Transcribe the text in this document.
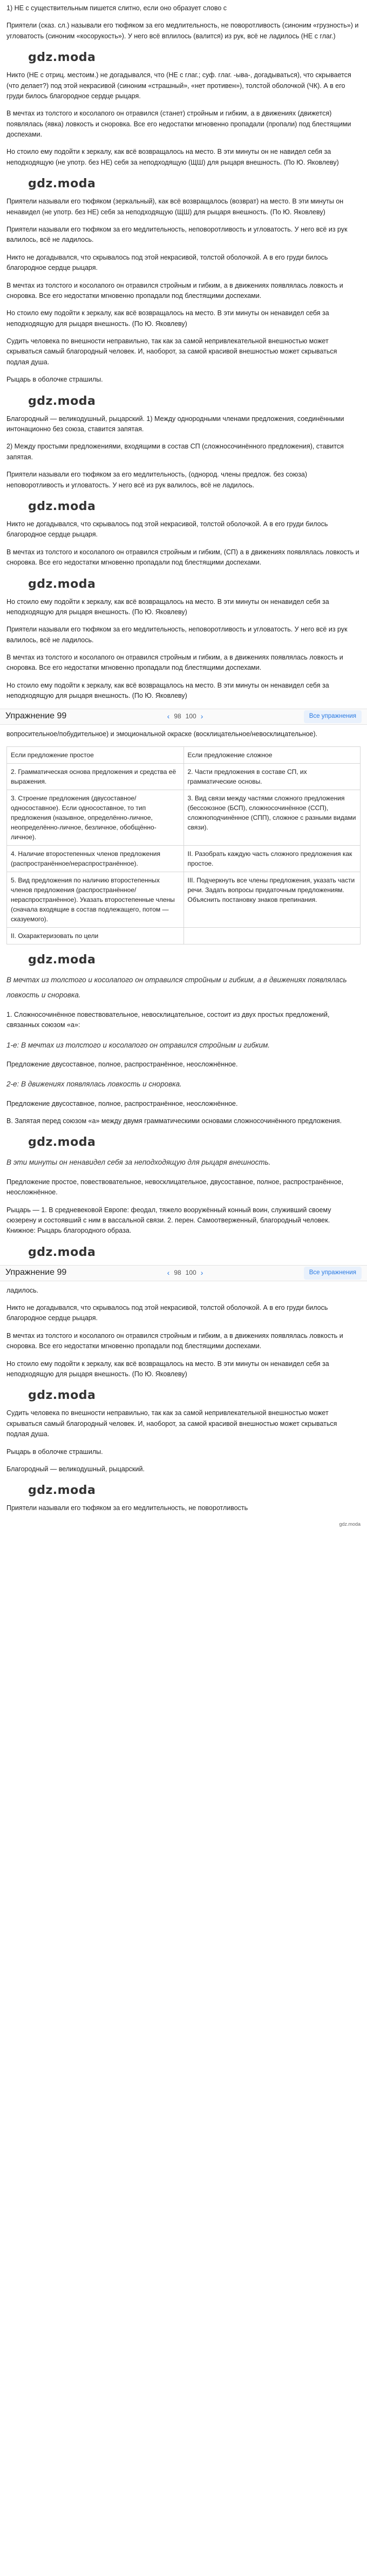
1) НЕ с существительным пишется слитно, если оно образует слово с

Приятели (сказ. сл.) называли его тюфяком за его медлительность, не поворотливость (синоним «грузность») и угловатость (синоним «косорукость»). У него всё вплилось (валится) из рук, всё не ладилось (НЕ с глаг.)

gdz.moda

Никто (НЕ с отриц. местоим.) не догадывался, что (НЕ с глаг.; суф. глаг. -ыва-, догадываться), что скрывается (что делает?) под этой некрасивой (синоним «страшный», «нет противен»), толстой оболочкой (ЧК). А в его груди билось благородное сердце рыцаря.

В мечтах из толстого и косолапого он отравился (станет) стройным и гибким, а в движениях (движется) появлялась (явка) ловкость и сноровка. Все его недостатки мгновенно пропадали (пропали) под блестящими доспехами.

Но стоило ему подойти к зеркалу, как всё возвращалось на место. В эти минуты он не навидел себя за неподходящую (не употр. без НЕ) себя за неподходящую (ЩШ) для рыцаря внешность. (По Ю. Яковлеву)

gdz.moda

Приятели называли его тюфяком (зеркальный), как всё возвращалось (возврат) на место. В эти минуты он ненавидел (не употр. без НЕ) себя за неподходящую (ЩШ) для рыцаря внешность. (По Ю. Яковлеву)

Приятели называли его тюфяком за его медлительность, неповоротливость и угловатость. У него всё из рук валилось, всё не ладилось.

Никто не догадывался, что скрывалось под этой некрасивой, толстой оболочкой. А в его груди билось благородное сердце рыцаря.

В мечтах из толстого и косолапого он отравился стройным и гибким, а в движениях появлялась ловкость и сноровка. Все его недостатки мгновенно пропадали под блестящими доспехами.

Но стоило ему подойти к зеркалу, как всё возвращалось на место. В эти минуты он ненавидел себя за неподходящую для рыцаря внешность. (По Ю. Яковлеву)

Судить человека по внешности неправильно, так как за самой непривлекательной внешностью может скрываться самый благородный человек. И, наоборот, за самой красивой внешностью может скрываться подлая душа.

Рыцарь в оболочке страшилы.

gdz.moda

Благородный — великодушный, рыцарский. 1) Между однородными членами предложения, соединёнными интонационно без союза, ставится запятая.

2) Между простыми предложениями, входящими в состав СП (сложносочинённого предложения), ставится запятая.

Приятели называли его тюфяком за его медлительность, (однород. члены предлож. без союза) неповоротливость и угловатость. У него всё из рук валилось, всё не ладилось.

gdz.moda

Никто не догадывался, что скрывалось под этой некрасивой, толстой оболочкой. А в его груди билось благородное сердце рыцаря.

В мечтах из толстого и косолапого он отравился стройным и гибким, (СП) а в движениях появлялась ловкость и сноровка. Все его недостатки мгновенно пропадали под блестящими доспехами.

gdz.moda

Но стоило ему подойти к зеркалу, как всё возвращалось на место. В эти минуты он ненавидел себя за неподходящую для рыцаря внешность. (По Ю. Яковлеву)

Приятели называли его тюфяком за его медлительность, неповоротливость и угловатость. У него всё из рук валилось, всё не ладилось.

В мечтах из толстого и косолапого он отравился стройным и гибким, а в движениях появлялась ловкость и сноровка. Все его недостатки мгновенно пропадали под блестящими доспехами.

Но стоило ему подойти к зеркалу, как всё возвращалось на место. В эти минуты он ненавидел себя за неподходящую для рыцаря внешность. (По Ю. Яковлеву)

Упражнение 99	‹ 98 100 ›	Все упражнения

вопросительное/побудительное) и эмоциональной окраске (восклицательное/невосклицательное).

Если предложение простое	Если предложение сложное
2. Грамматическая основа предложения и средства её выражения.	2. Части предложения в составе СП, их грамматические основы.
3. Строение предложения (двусоставное/односоставное). Если односоставное, то тип предложения (назывное, определённо-личное, неопределённо-личное, безличное, обобщённо-личное).	3. Вид связи между частями сложного предложения (бессоюзное (БСП), сложносочинённое (ССП), сложноподчинённое (СПП), сложное с разными видами связи).
4. Наличие второстепенных членов предложения (распространённое/нераспространённое).	II. Разобрать каждую часть сложного предложения как простое.
5. Вид предложения по наличию второстепенных членов предложения (распространённое/нераспространённое). Указать второстепенные члены (сначала входящие в состав подлежащего, потом — сказуемого).	III. Подчеркнуть все члены предложения, указать части речи. Задать вопросы придаточным предложениям. Объяснить постановку знаков препинания.
II. Охарактеризовать по цели	
gdz.moda

В мечтах из толстого и косолапого он отравился стройным и гибким, а в движениях появлялась ловкость и сноровка.

1. Сложносочинённое повествовательное, невосклицательное, состоит из двух простых предложений, связанных союзом «а»:

1-е: В мечтах из толстого и косолапого он отравился стройным и гибким.

Предложение двусоставное, полное, распространённое, неосложнённое.

2-е: В движениях появлялась ловкость и сноровка.

Предложение двусоставное, полное, распространённое, неосложнённое.

В. Запятая перед союзом «а» между двумя грамматическими основами сложносочинённого предложения.

gdz.moda

В эти минуты он ненавидел себя за неподходящую для рыцаря внешность.

Предложение простое, повествовательное, невосклицательное, двусоставное, полное, распространённое, неосложнённое.

Рыцарь — 1. В средневековой Европе: феодал, тяжело вооружённый конный воин, служивший своему сюзерену и состоявший с ним в вассальной связи. 2. перен. Самоотверженный, благородный человек. Книжное: Рыцарь благородного образа.

gdz.moda
Упражнение 99	‹ 98 100 ›	Все упражнения

ладилось.

Никто не догадывался, что скрывалось под этой некрасивой, толстой оболочкой. А в его груди билось благородное сердце рыцаря.

В мечтах из толстого и косолапого он отравился стройным и гибким, а в движениях появлялась ловкость и сноровка. Все его недостатки мгновенно пропадали под блестящими доспехами.

Но стоило ему подойти к зеркалу, как всё возвращалось на место. В эти минуты он ненавидел себя за неподходящую для рыцаря внешность. (По Ю. Яковлеву)

gdz.moda

Судить человека по внешности неправильно, так как за самой непривлекательной внешностью может скрываться самый благородный человек. И, наоборот, за самой красивой внешностью может скрываться подлая душа.

Рыцарь в оболочке страшилы.

Благородный — великодушный, рыцарский.

gdz.moda

Приятели называли его тюфяком за его медлительность, не поворотливость

gdz.moda
